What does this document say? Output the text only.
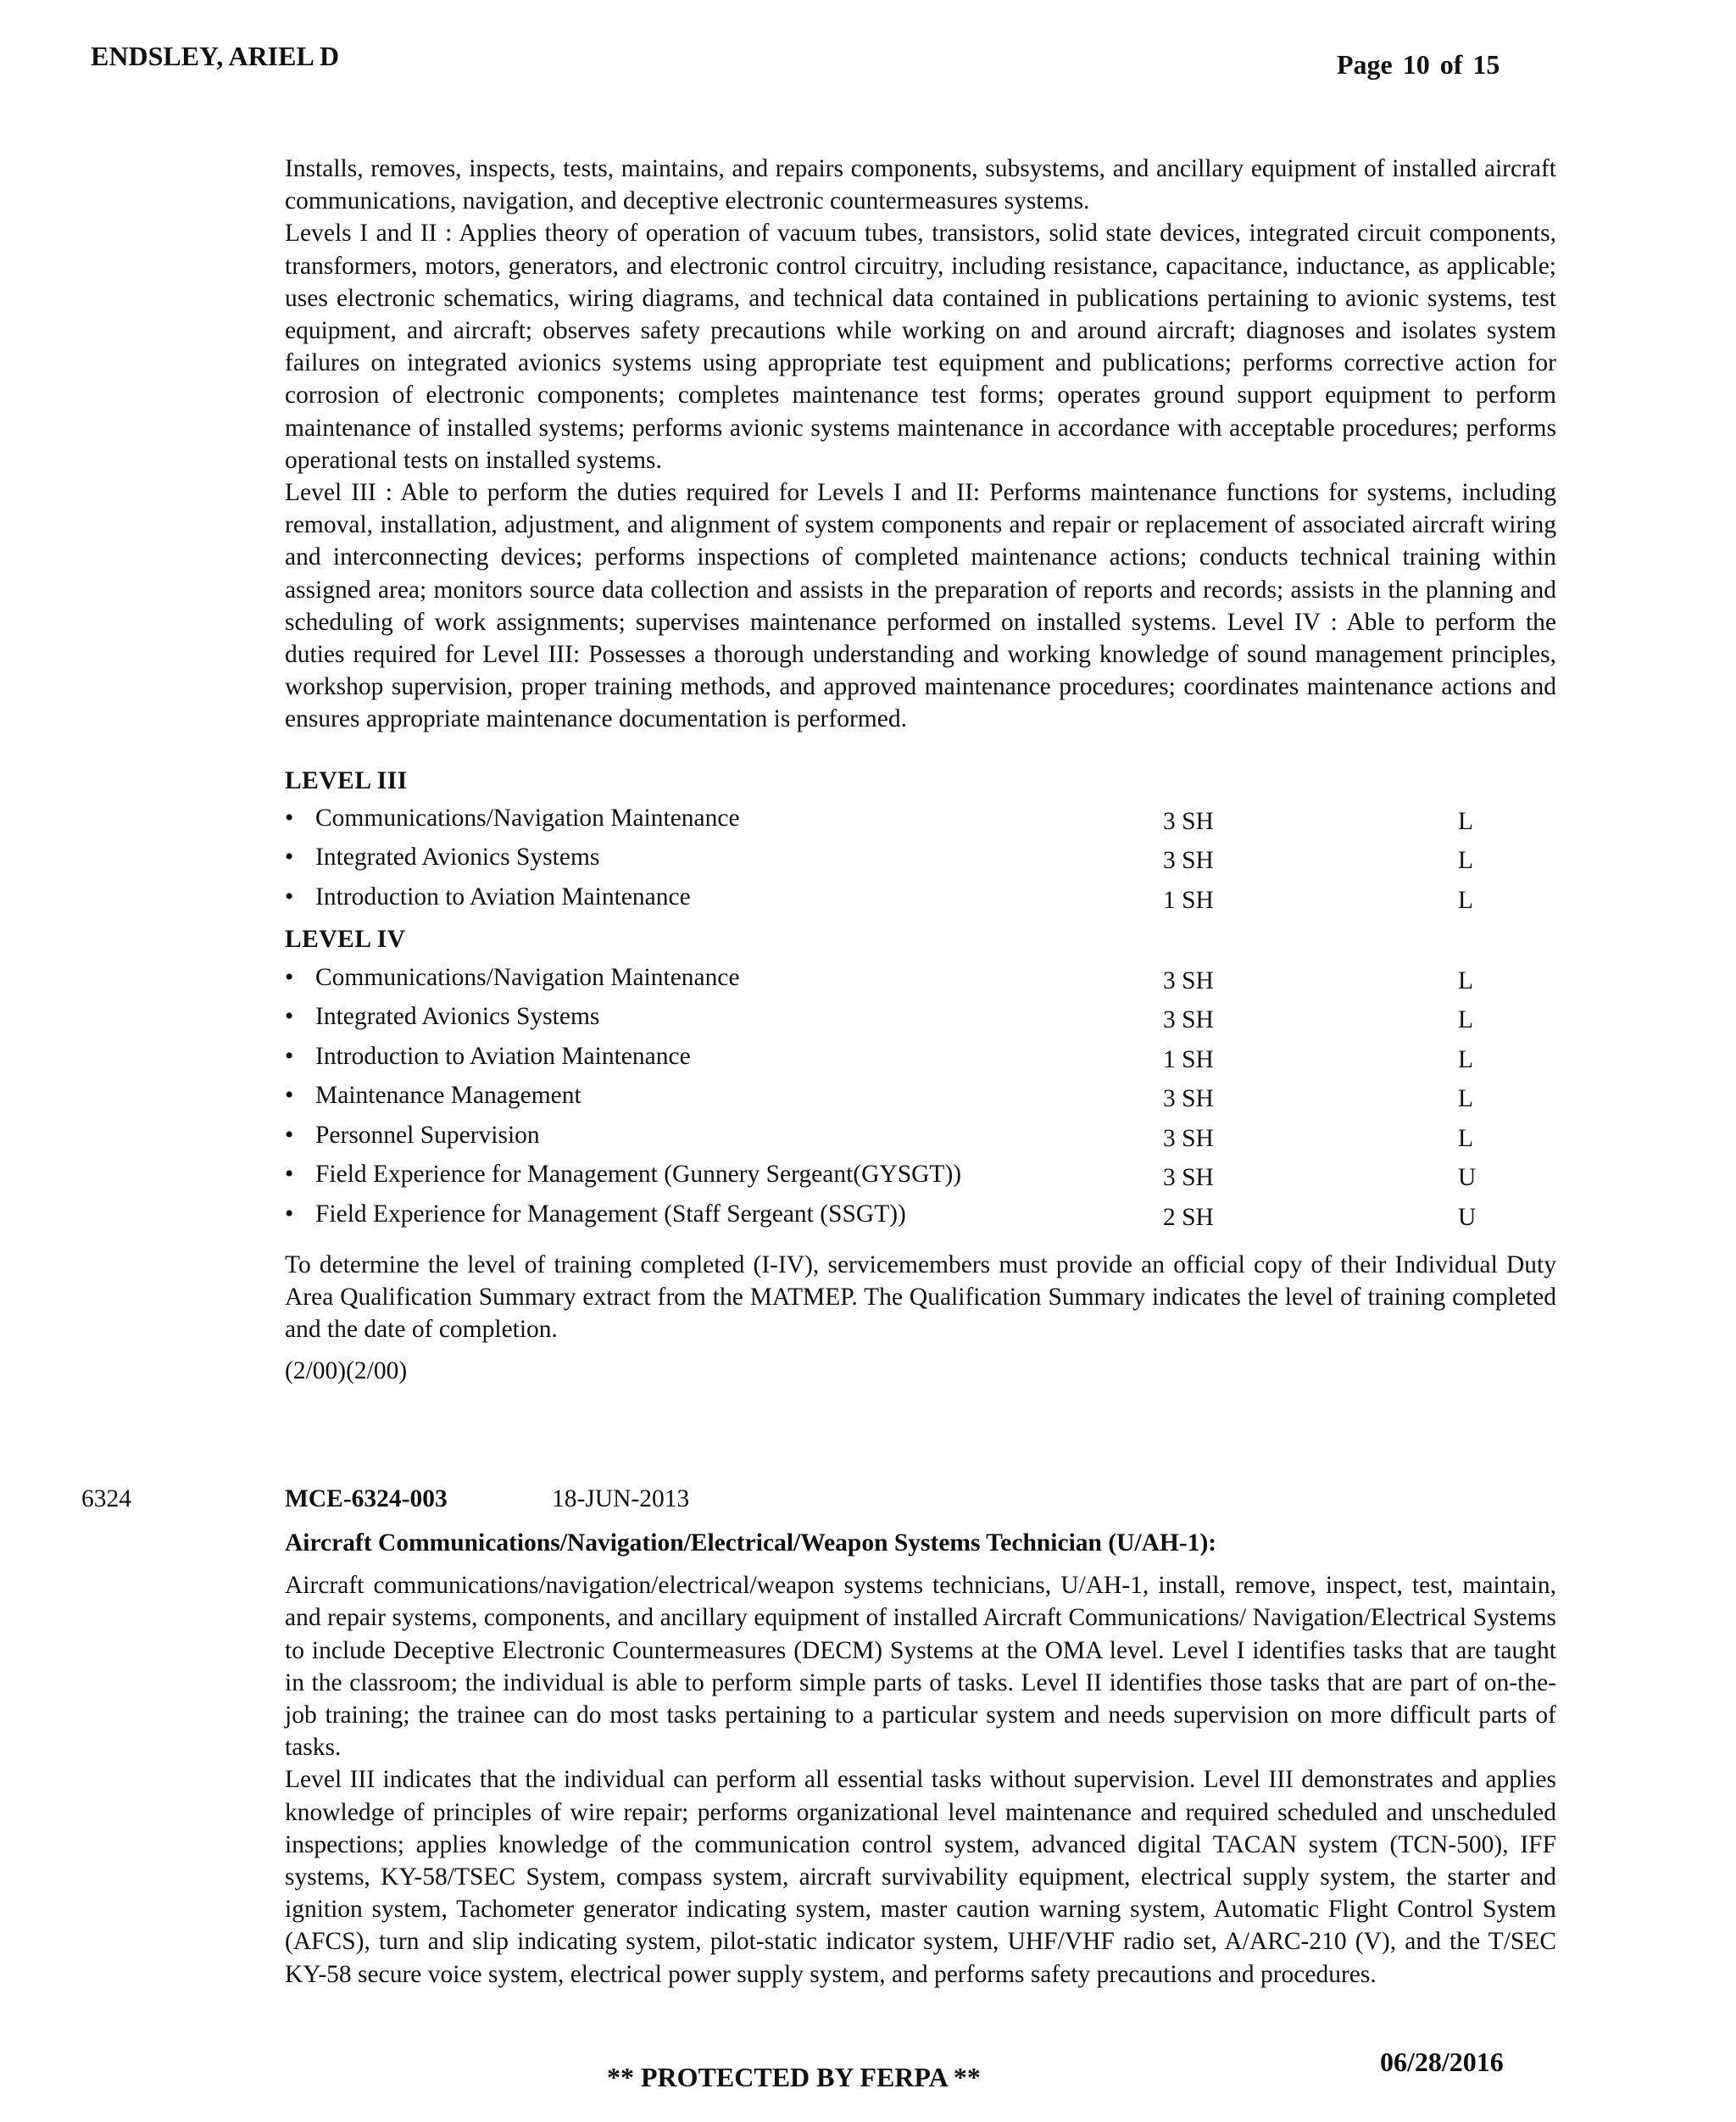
ENDSLEY, ARIEL D	Page 10 of 15

Installs, removes, inspects, tests, maintains, and repairs components, subsystems, and ancillary equipment of installed aircraft communications, navigation, and deceptive electronic countermeasures systems.

Levels I and II : Applies theory of operation of vacuum tubes, transistors, solid state devices, integrated circuit components, transformers, motors, generators, and electronic control circuitry, including resistance, capacitance, inductance, as applicable; uses electronic schematics, wiring diagrams, and technical data contained in publications pertaining to avionic systems, test equipment, and aircraft; observes safety precautions while working on and around aircraft; diagnoses and isolates system failures on integrated avionics systems using appropriate test equipment and publications; performs corrective action for corrosion of electronic components; completes maintenance test forms; operates ground support equipment to perform maintenance of installed systems; performs avionic systems maintenance in accordance with acceptable procedures; performs operational tests on installed systems.

Level III : Able to perform the duties required for Levels I and II: Performs maintenance functions for systems, including removal, installation, adjustment, and alignment of system components and repair or replacement of associated aircraft wiring and interconnecting devices; performs inspections of completed maintenance actions; conducts technical training within assigned area; monitors source data collection and assists in the preparation of reports and records; assists in the planning and scheduling of work assignments; supervises maintenance performed on installed systems. Level IV : Able to perform the duties required for Level III: Possesses a thorough understanding and working knowledge of sound management principles, workshop supervision, proper training methods, and approved maintenance procedures; coordinates maintenance actions and ensures appropriate maintenance documentation is performed.

LEVEL III
• Communications/Navigation Maintenance	3 SH	L
• Integrated Avionics Systems	3 SH	L
• Introduction to Aviation Maintenance	1 SH	L
LEVEL IV
• Communications/Navigation Maintenance	3 SH	L
• Integrated Avionics Systems	3 SH	L
• Introduction to Aviation Maintenance	1 SH	L
• Maintenance Management	3 SH	L
• Personnel Supervision	3 SH	L
• Field Experience for Management (Gunnery Sergeant(GYSGT))	3 SH	U
• Field Experience for Management (Staff Sergeant (SSGT))	2 SH	U

To determine the level of training completed (I-IV), servicemembers must provide an official copy of their Individual Duty Area Qualification Summary extract from the MATMEP. The Qualification Summary indicates the level of training completed and the date of completion.

(2/00)(2/00)
6324	MCE-6324-003	18-JUN-2013
Aircraft Communications/Navigation/Electrical/Weapon Systems Technician (U/AH-1):

Aircraft communications/navigation/electrical/weapon systems technicians, U/AH-1, install, remove, inspect, test, maintain, and repair systems, components, and ancillary equipment of installed Aircraft Communications/ Navigation/Electrical Systems to include Deceptive Electronic Countermeasures (DECM) Systems at the OMA level. Level I identifies tasks that are taught in the classroom; the individual is able to perform simple parts of tasks. Level II identifies those tasks that are part of on-the-job training; the trainee can do most tasks pertaining to a particular system and needs supervision on more difficult parts of tasks.

Level III indicates that the individual can perform all essential tasks without supervision. Level III demonstrates and applies knowledge of principles of wire repair; performs organizational level maintenance and required scheduled and unscheduled inspections; applies knowledge of the communication control system, advanced digital TACAN system (TCN-500), IFF systems, KY-58/TSEC System, compass system, aircraft survivability equipment, electrical supply system, the starter and ignition system, Tachometer generator indicating system, master caution warning system, Automatic Flight Control System (AFCS), turn and slip indicating system, pilot-static indicator system, UHF/VHF radio set, A/ARC-210 (V), and the T/SEC KY-58 secure voice system, electrical power supply system, and performs safety precautions and procedures.

06/28/2016
** PROTECTED BY FERPA **
